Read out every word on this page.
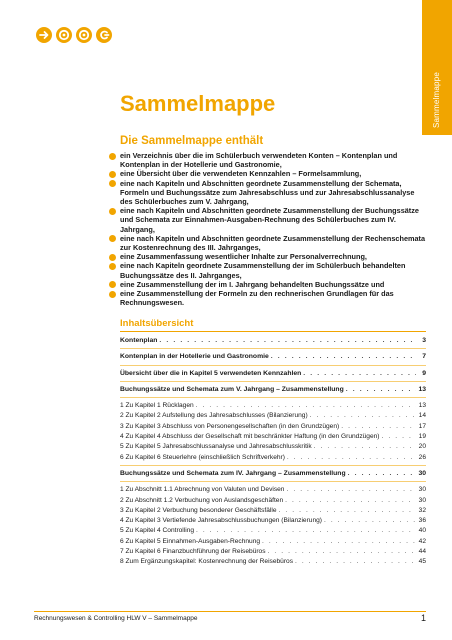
Sammelmappe
Sammelmappe
Die Sammelmappe enthält
ein Verzeichnis über die im Schülerbuch verwendeten Konten – Kontenplan und Kontenplan in der Hotellerie und Gastronomie,
eine Übersicht über die verwendeten Kennzahlen – Formelsammlung,
eine nach Kapiteln und Abschnitten geordnete Zusammenstellung der Schemata, Formeln und Buchungssätze zum Jahresabschluss und zur Jahresabschlussanalyse des Schülerbuches zum V. Jahrgang,
eine nach Kapiteln und Abschnitten geordnete Zusammenstellung der Buchungssätze und Schemata zur Einnahmen-Ausgaben-Rechnung des Schülerbuches zum IV. Jahrgang,
eine nach Kapiteln und Abschnitten geordnete Zusammenstellung der Rechenschemata zur Kostenrechnung des III. Jahrganges,
eine Zusammenfassung wesentlicher Inhalte zur Personalverrechnung,
eine nach Kapiteln geordnete Zusammenstellung der im Schülerbuch behandelten Buchungssätze des II. Jahrganges,
eine Zusammenstellung der im I. Jahrgang behandelten Buchungssätze und
eine Zusammenstellung der Formeln zu den rechnerischen Grundlagen für das Rechnungswesen.
Inhaltsübersicht
Kontenplan . . .	3
Kontenplan in der Hotellerie und Gastronomie . . .	7
Übersicht über die in Kapitel 5 verwendeten Kennzahlen . . .	9
Buchungssätze und Schemata zum V. Jahrgang – Zusammenstellung . . .	13
1 Zu Kapitel 1 Rücklagen . . .	13
2 Zu Kapitel 2 Aufstellung des Jahresabschlusses (Bilanzierung) . . .	14
3 Zu Kapitel 3 Abschluss von Personengesellschaften (in den Grundzügen) . . .	17
4 Zu Kapitel 4 Abschluss der Gesellschaft mit beschränkter Haftung (in den Grundzügen) . . .	19
5 Zu Kapitel 5 Jahresabschlussanalyse und Jahresabschlusskritik . . .	20
6 Zu Kapitel 6 Steuerlehre (einschließlich Schriftverkehr) . . .	26
Buchungssätze und Schemata zum IV. Jahrgang – Zusammenstellung . . .	30
1 Zu Abschnitt 1.1 Abrechnung von Valuten und Devisen . . .	30
2 Zu Abschnitt 1.2 Verbuchung von Auslandsgeschäften . . .	30
3 Zu Kapitel 2 Verbuchung besonderer Geschäftsfälle . . .	32
4 Zu Kapitel 3 Vertiefende Jahresabschlussbuchungen (Bilanzierung) . . .	36
5 Zu Kapitel 4 Controlling . . .	40
6 Zu Kapitel 5 Einnahmen-Ausgaben-Rechnung . . .	42
7 Zu Kapitel 6 Finanzbuchführung der Reisebüros . . .	44
8 Zum Ergänzungskapitel: Kostenrechnung der Reisebüros . . .	45
Rechnungswesen & Controlling HLW V – Sammelmappe	1
